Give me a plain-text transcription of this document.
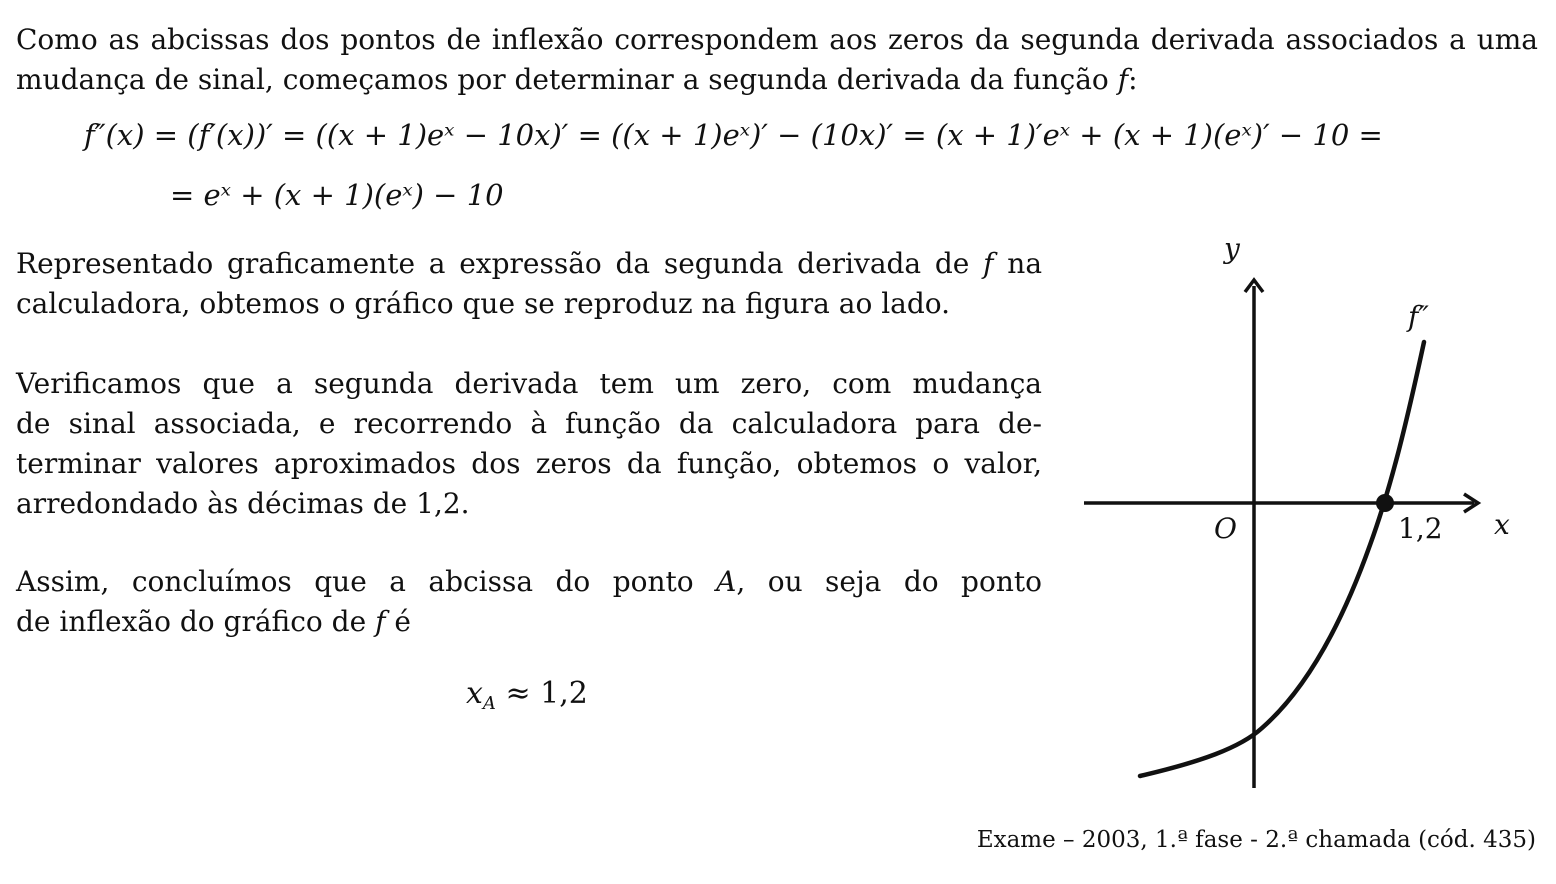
Como as abcissas dos pontos de inflexão correspondem aos zeros da segunda derivada associados a uma
mudança de sinal, começamos por determinar a segunda derivada da função f:
f″(x) = (f′(x))′ = ((x + 1)eˣ − 10x)′ = ((x + 1)eˣ)′ − (10x)′ = (x + 1)′eˣ + (x + 1)(eˣ)′ − 10 =
= eˣ + (x + 1)(eˣ) − 10
Representado graficamente a expressão da segunda derivada de f na
calculadora, obtemos o gráfico que se reproduz na figura ao lado.
Verificamos que a segunda derivada tem um zero, com mudança
de sinal associada, e recorrendo à função da calculadora para de-
terminar valores aproximados dos zeros da função, obtemos o valor,
arredondado às décimas de 1,2.
Assim, concluímos que a abcissa do ponto A, ou seja do ponto
de inflexão do gráfico de f é
$x_A \approx 1,2$
y
x
O
f″
1,2
Exame – 2003, 1.ª fase - 2.ª chamada (cód. 435)
